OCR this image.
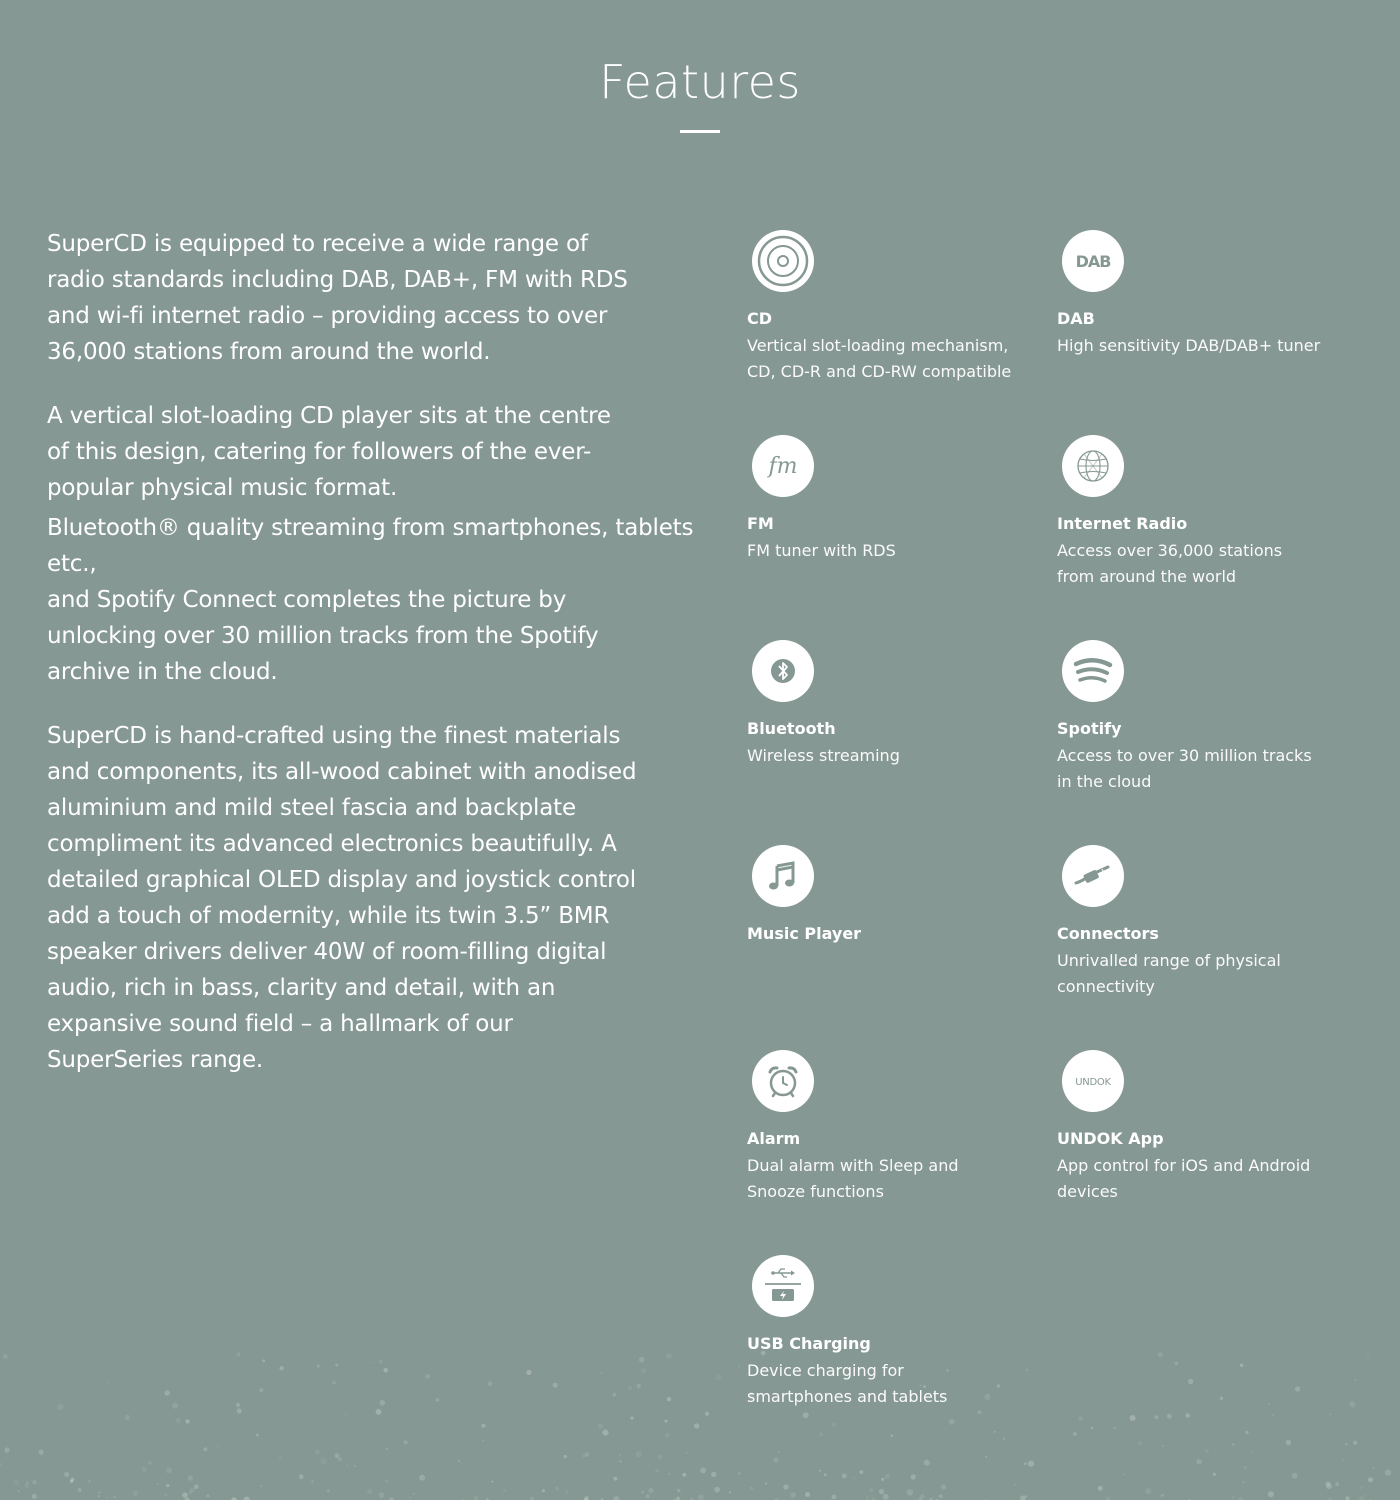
Features

SuperCD is equipped to receive a wide range of
radio standards including DAB, DAB+, FM with RDS
and wi-fi internet radio – providing access to over
36,000 stations from around the world.

A vertical slot-loading CD player sits at the centre
of this design, catering for followers of the ever-
popular physical music format.

Bluetooth® quality streaming from smartphones, tablets etc.,
and Spotify Connect completes the picture by
unlocking over 30 million tracks from the Spotify
archive in the cloud.

SuperCD is hand-crafted using the finest materials
and components, its all-wood cabinet with anodised
aluminium and mild steel fascia and backplate
compliment its advanced electronics beautifully. A
detailed graphical OLED display and joystick control
add a touch of modernity, while its twin 3.5” BMR
speaker drivers deliver 40W of room-filling digital
audio, rich in bass, clarity and detail, with an
expansive sound field – a hallmark of our
SuperSeries range.

CD
Vertical slot-loading mechanism, CD, CD-R and CD-RW compatible
DAB
DAB
High sensitivity DAB/DAB+ tuner
fm
FM
FM tuner with RDS
Internet Radio
Access over 36,000 stations from around the world
Bluetooth
Wireless streaming
Spotify
Access to over 30 million tracks in the cloud
Music Player	Connectors
Unrivalled range of physical connectivity
Alarm
Dual alarm with Sleep and Snooze functions
UNDOK
UNDOK App
App control for iOS and Android devices
USB Charging
Device charging for smartphones and tablets
